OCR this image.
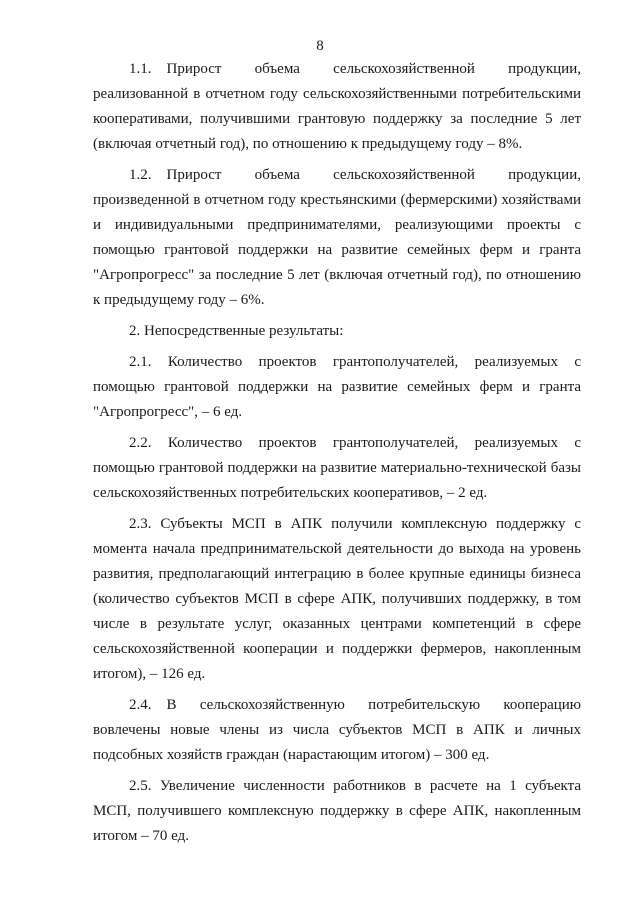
8

1.1. Прирост объема сельскохозяйственной продукции, реализованной в отчетном году сельскохозяйственными потребительскими кооперативами, получившими грантовую поддержку за последние 5 лет (включая отчетный год), по отношению к предыдущему году – 8%.

1.2. Прирост объема сельскохозяйственной продукции, произведенной в отчетном году крестьянскими (фермерскими) хозяйствами и индивидуальными предпринимателями, реализующими проекты с помощью грантовой поддержки на развитие семейных ферм и гранта "Агропрогресс" за последние 5 лет (включая отчетный год), по отношению к предыдущему году – 6%.

2. Непосредственные результаты:

2.1. Количество проектов грантополучателей, реализуемых с помощью грантовой поддержки на развитие семейных ферм и гранта "Агропрогресс", – 6 ед.

2.2. Количество проектов грантополучателей, реализуемых с помощью грантовой поддержки на развитие материально-технической базы сельскохозяйственных потребительских кооперативов, – 2 ед.

2.3. Субъекты МСП в АПК получили комплексную поддержку с момента начала предпринимательской деятельности до выхода на уровень развития, предполагающий интеграцию в более крупные единицы бизнеса (количество субъектов МСП в сфере АПК, получивших поддержку, в том числе в результате услуг, оказанных центрами компетенций в сфере сельскохозяйственной кооперации и поддержки фермеров, накопленным итогом), – 126 ед.

2.4. В сельскохозяйственную потребительскую кооперацию вовлечены новые члены из числа субъектов МСП в АПК и личных подсобных хозяйств граждан (нарастающим итогом) – 300 ед.

2.5. Увеличение численности работников в расчете на 1 субъекта МСП, получившего комплексную поддержку в сфере АПК, накопленным итогом – 70 ед.
